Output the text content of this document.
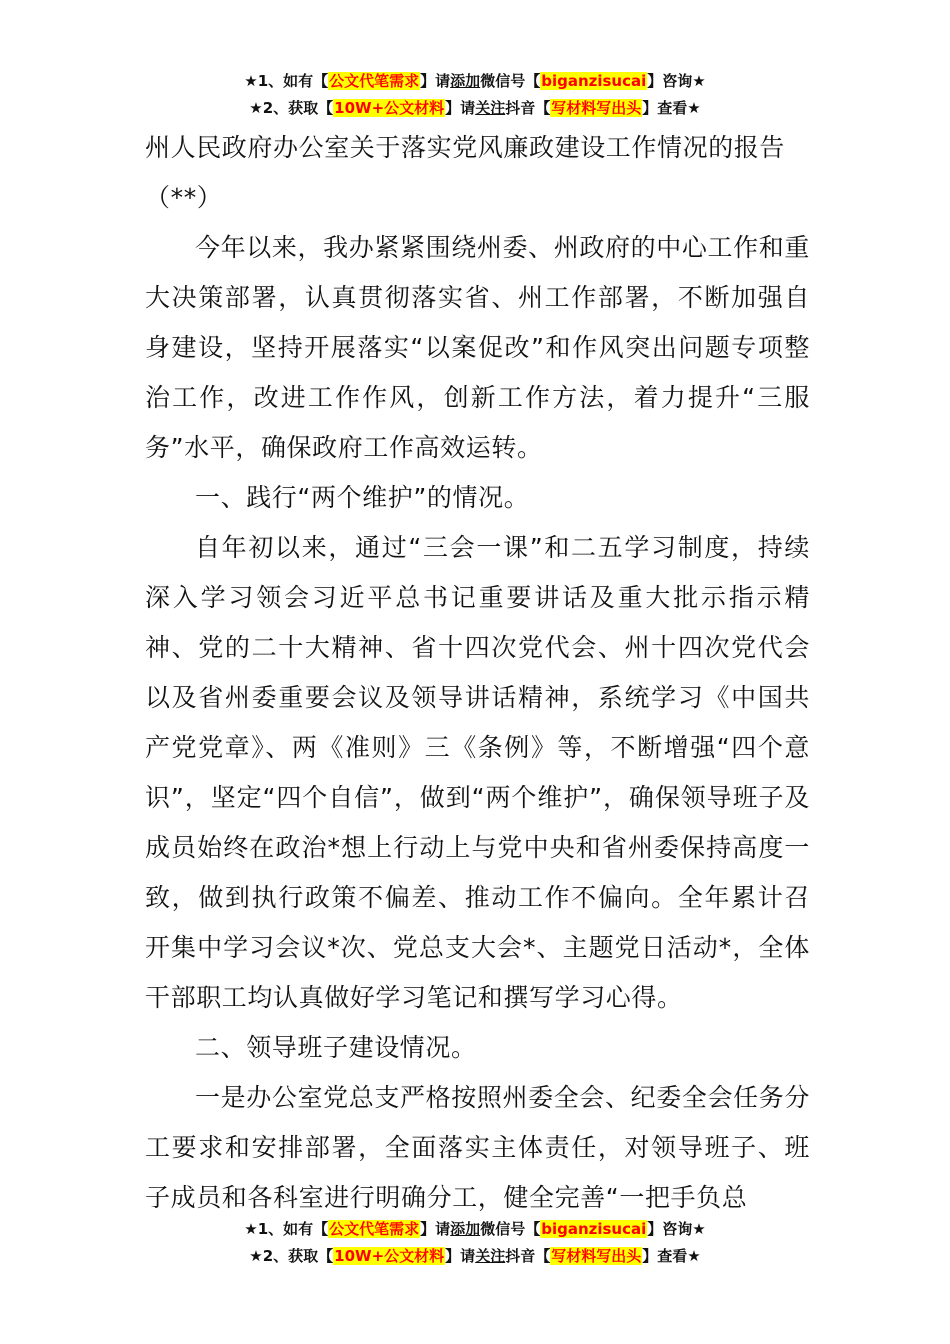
★1、如有【公文代笔需求】请添加微信号【biganzisucai】咨询★
★2、获取【10W+公文材料】请关注抖音【写材料写出头】查看★

州人民政府办公室关于落实党风廉政建设工作情况的报告

（**）

今年以来，我办紧紧围绕州委、州政府的中心工作和重大决策部署，认真贯彻落实省、州工作部署，不断加强自身建设，坚持开展落实“以案促改”和作风突出问题专项整治工作，改进工作作风，创新工作方法，着力提升“三服务”水平，确保政府工作高效运转。

一、践行“两个维护”的情况。

自年初以来，通过“三会一课”和二五学习制度，持续深入学习领会习近平总书记重要讲话及重大批示指示精神、党的二十大精神、省十四次党代会、州十四次党代会以及省州委重要会议及领导讲话精神，系统学习《中国共产党党章》、两《准则》三《条例》等，不断增强“四个意识”，坚定“四个自信”，做到“两个维护”，确保领导班子及成员始终在政治*想上行动上与党中央和省州委保持高度一致，做到执行政策不偏差、推动工作不偏向。全年累计召开集中学习会议*次、党总支大会*、主题党日活动*，全体干部职工均认真做好学习笔记和撰写学习心得。

二、领导班子建设情况。

一是办公室党总支严格按照州委全会、纪委全会任务分工要求和安排部署，全面落实主体责任，对领导班子、班子成员和各科室进行明确分工，健全完善“一把手负总

★1、如有【公文代笔需求】请添加微信号【biganzisucai】咨询★
★2、获取【10W+公文材料】请关注抖音【写材料写出头】查看★
